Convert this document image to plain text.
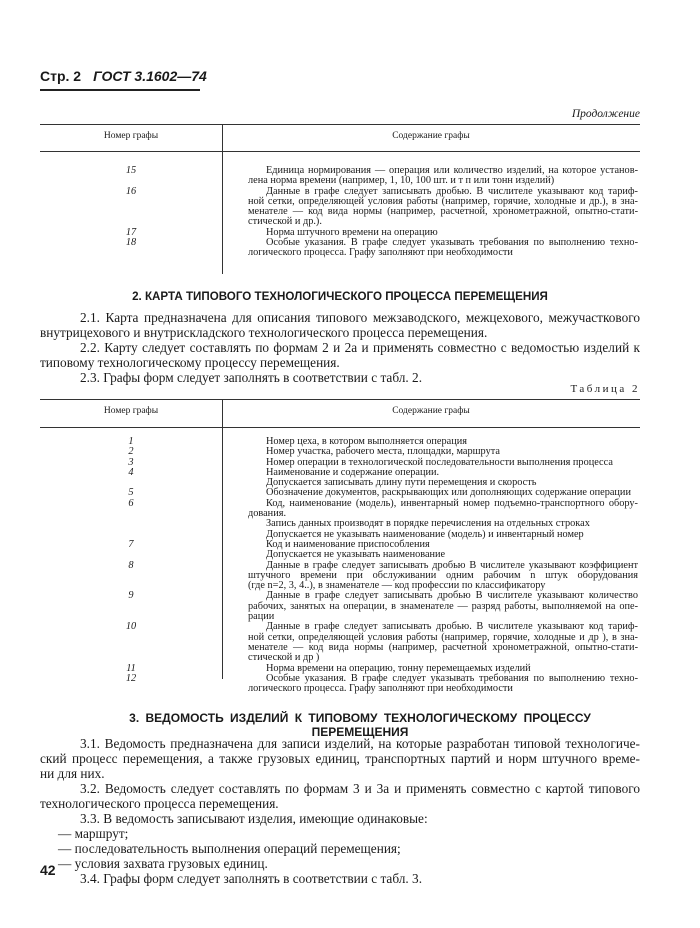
Стр. 2 ГОСТ 3.1602—74
Продолжение
Номер графы	Содержание графы
15	Единица нормирования — операция или количество изделий, на которое установ-
лена норма времени (например, 1, 10, 100 шт. и т п или тонн изделий)
16	Данные в графе следует записывать дробью. В числителе указывают код тариф-
ной сетки, определяющей условия работы (например, горячие, холодные и др.), в зна-
менателе — код вида нормы (например, расчетной, хронометражной, опытно-стати-
стической и др.).
17	Норма штучного времени на операцию
18	Особые указания. В графе следует указывать требования по выполнению техно-
логического процесса. Графу заполняют при необходимости
2. КАРТА ТИПОВОГО ТЕХНОЛОГИЧЕСКОГО ПРОЦЕССА ПЕРЕМЕЩЕНИЯ
2.1. Карта предназначена для описания типового межзаводского, межцехового, межучасткового
внутрицехового и внутрискладского технологического процесса перемещения.
2.2. Карту следует составлять по формам 2 и 2а и применять совместно с ведомостью изделий к
типовому технологическому процессу перемещения.
2.3. Графы форм следует заполнять в соответствии с табл. 2.
Таблица 2
Номер графы	Содержание графы
1	Номер цеха, в котором выполняется операция
2	Номер участка, рабочего места, площадки, маршрута
3	Номер операции в технологической последовательности выполнения процесса
4	Наименование и содержание операции.
Допускается записывать длину пути перемещения и скорость
5	Обозначение документов, раскрывающих или дополняющих содержание операции
6	Код, наименование (модель), инвентарный номер подъемно-транспортного обору-
дования.
Запись данных производят в порядке перечисления на отдельных строках
Допускается не указывать наименование (модель) и инвентарный номер
7	Код и наименование приспособления
Допускается не указывать наименование
8	Данные в графе следует записывать дробью В числителе указывают коэффициент
штучного времени при обслуживании одним рабочим n штук оборудования
(где n=2, 3, 4..), в знаменателе — код профессии по классификатору
9	Данные в графе следует записывать дробью В числителе указывают количество
рабочих, занятых на операции, в знаменателе — разряд работы, выполняемой на опе-
рации
10	Данные в графе следует записывать дробью. В числителе указывают код тариф-
ной сетки, определяющей условия работы (например, горячие, холодные и др ), в зна-
менателе — код вида нормы (например, расчетной хронометражной, опытно-стати-
стической и др )
11	Норма времени на операцию, тонну перемещаемых изделий
12	Особые указания. В графе следует указывать требования по выполнению техно-
логического процесса. Графу заполняют при необходимости
3. ВЕДОМОСТЬ ИЗДЕЛИЙ К ТИПОВОМУ ТЕХНОЛОГИЧЕСКОМУ ПРОЦЕССУ ПЕРЕМЕЩЕНИЯ
3.1. Ведомость предназначена для записи изделий, на которые разработан типовой технологиче-
ский процесс перемещения, а также грузовых единиц, транспортных партий и норм штучного време-
ни для них.
3.2. Ведомость следует составлять по формам 3 и 3а и применять совместно с картой типового
технологического процесса перемещения.
3.3. В ведомость записывают изделия, имеющие одинаковые:
— маршрут;
— последовательность выполнения операций перемещения;
— условия захвата грузовых единиц.
3.4. Графы форм следует заполнять в соответствии с табл. 3.
42
